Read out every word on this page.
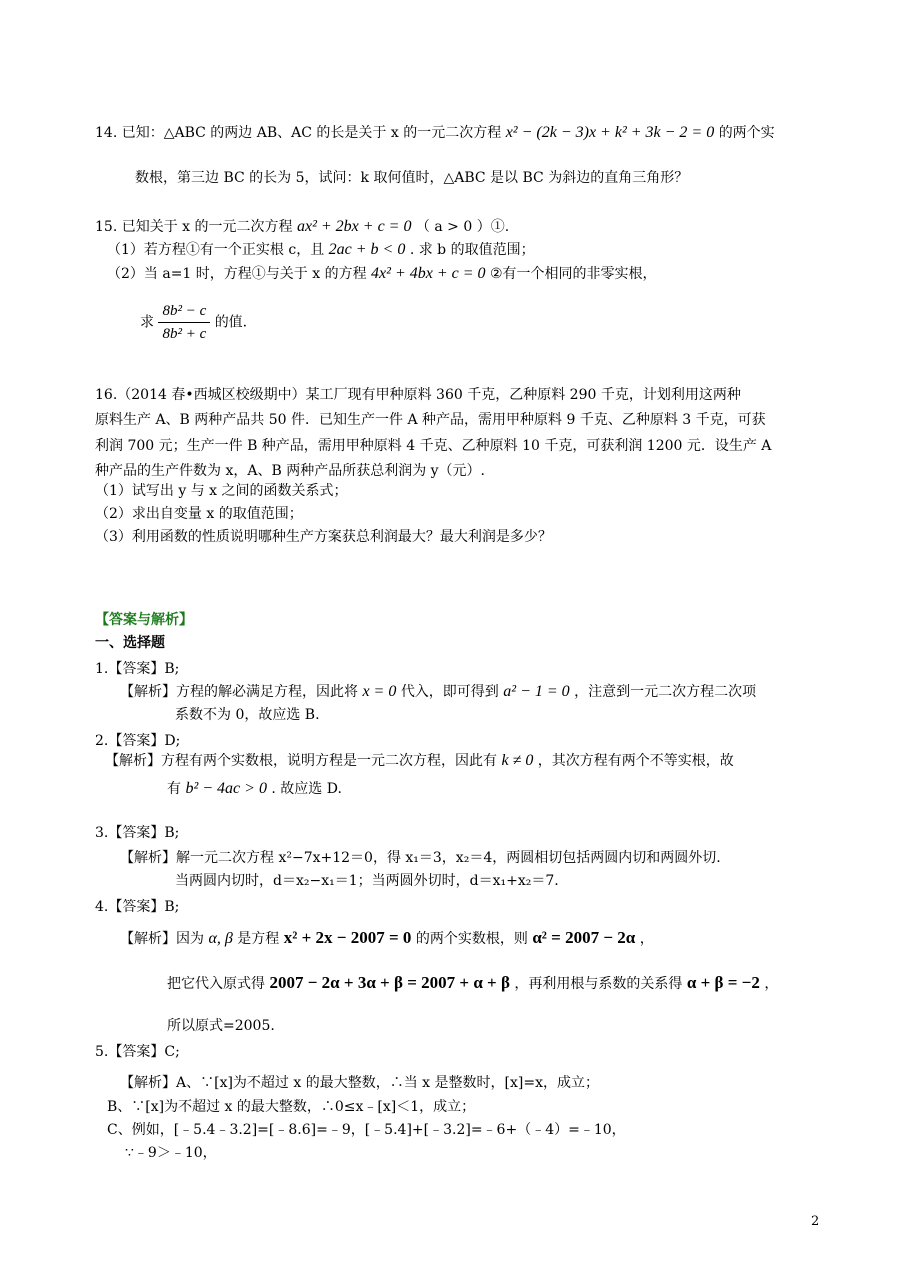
14. 已知：△ABC 的两边 AB、AC 的长是关于 x 的一元二次方程 x² − (2k − 3)x + k² + 3k − 2 = 0 的两个实
数根，第三边 BC 的长为 5，试问：k 取何值时，△ABC 是以 BC 为斜边的直角三角形？
15. 已知关于 x 的一元二次方程 ax² + 2bx + c = 0 （ a > 0 ）①.
（1）若方程①有一个正实根 c，且 2ac + b < 0 . 求 b 的取值范围；
（2）当 a=1 时，方程①与关于 x 的方程 4x² + 4bx + c = 0 ②有一个相同的非零实根，
求 $\frac{\text{8b² − c}}{\text{8b² + c}}$ 的值.
16.（2014 春•西城区校级期中）某工厂现有甲种原料 360 千克，乙种原料 290 千克，计划利用这两种
原料生产 A、B 两种产品共 50 件．已知生产一件 A 种产品，需用甲种原料 9 千克、乙种原料 3 千克，可获
利润 700 元；生产一件 B 种产品，需用甲种原料 4 千克、乙种原料 10 千克，可获利润 1200 元．设生产 A
种产品的生产件数为 x，A、B 两种产品所获总利润为 y（元）.
（1）试写出 y 与 x 之间的函数关系式；
（2）求出自变量 x 的取值范围；
（3）利用函数的性质说明哪种生产方案获总利润最大？最大利润是多少？
【答案与解析】
一、选择题
1.【答案】B;
【解析】方程的解必满足方程，因此将 x = 0 代入，即可得到 a² − 1 = 0 ，注意到一元二次方程二次项
系数不为 0，故应选 B.
2.【答案】D;
【解析】方程有两个实数根，说明方程是一元二次方程，因此有 k ≠ 0 ，其次方程有两个不等实根，故
有 b² − 4ac > 0 . 故应选 D.
3.【答案】B;
【解析】解一元二次方程 x²−7x+12＝0，得 x₁＝3，x₂＝4，两圆相切包括两圆内切和两圆外切.
当两圆内切时，d＝x₂−x₁＝1；当两圆外切时，d＝x₁+x₂＝7.
4.【答案】B;
【解析】因为 α, β 是方程 x² + 2x − 2007 = 0 的两个实数根，则 α² = 2007 − 2α ，
把它代入原式得 2007 − 2α + 3α + β = 2007 + α + β ，再利用根与系数的关系得 α + β = −2 ，
所以原式=2005.
5.【答案】C;
【解析】A、∵[x]为不超过 x 的最大整数，∴当 x 是整数时，[x]=x，成立；
B、∵[x]为不超过 x 的最大整数，∴0≤x﹣[x]＜1，成立；
C、例如，[﹣5.4﹣3.2]=[﹣8.6]=﹣9，[﹣5.4]+[﹣3.2]=﹣6+（﹣4）=﹣10，
∵﹣9＞﹣10，
2
